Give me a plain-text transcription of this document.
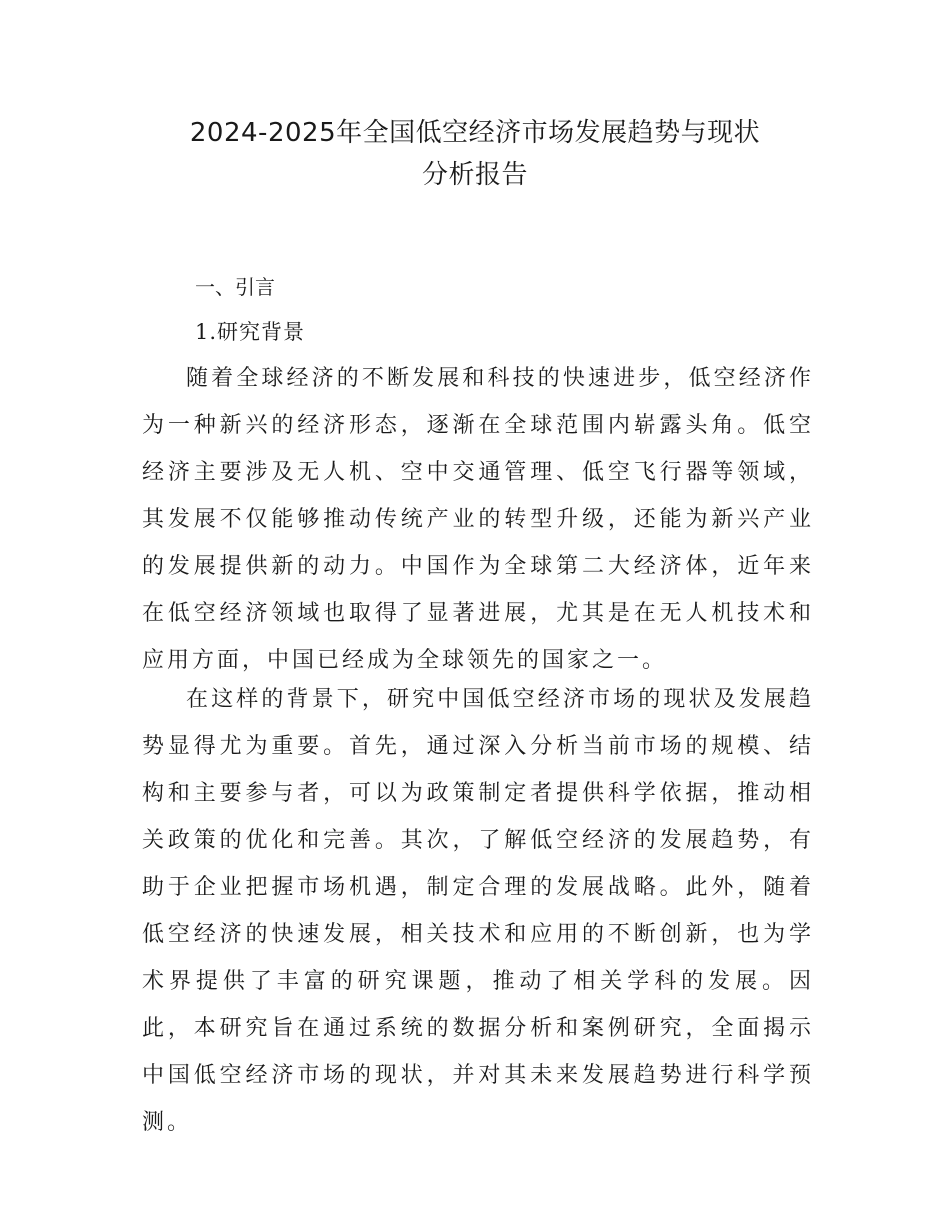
2024-2025年全国低空经济市场发展趋势与现状
分析报告

一、引言

1.研究背景

随着全球经济的不断发展和科技的快速进步，低空经济作为一种新兴的经济形态，逐渐在全球范围内崭露头角。低空经济主要涉及无人机、空中交通管理、低空飞行器等领域，其发展不仅能够推动传统产业的转型升级，还能为新兴产业的发展提供新的动力。中国作为全球第二大经济体，近年来在低空经济领域也取得了显著进展，尤其是在无人机技术和应用方面，中国已经成为全球领先的国家之一。

在这样的背景下，研究中国低空经济市场的现状及发展趋势显得尤为重要。首先，通过深入分析当前市场的规模、结构和主要参与者，可以为政策制定者提供科学依据，推动相关政策的优化和完善。其次，了解低空经济的发展趋势，有助于企业把握市场机遇，制定合理的发展战略。此外，随着低空经济的快速发展，相关技术和应用的不断创新，也为学术界提供了丰富的研究课题，推动了相关学科的发展。因此，本研究旨在通过系统的数据分析和案例研究，全面揭示中国低空经济市场的现状，并对其未来发展趋势进行科学预测。
